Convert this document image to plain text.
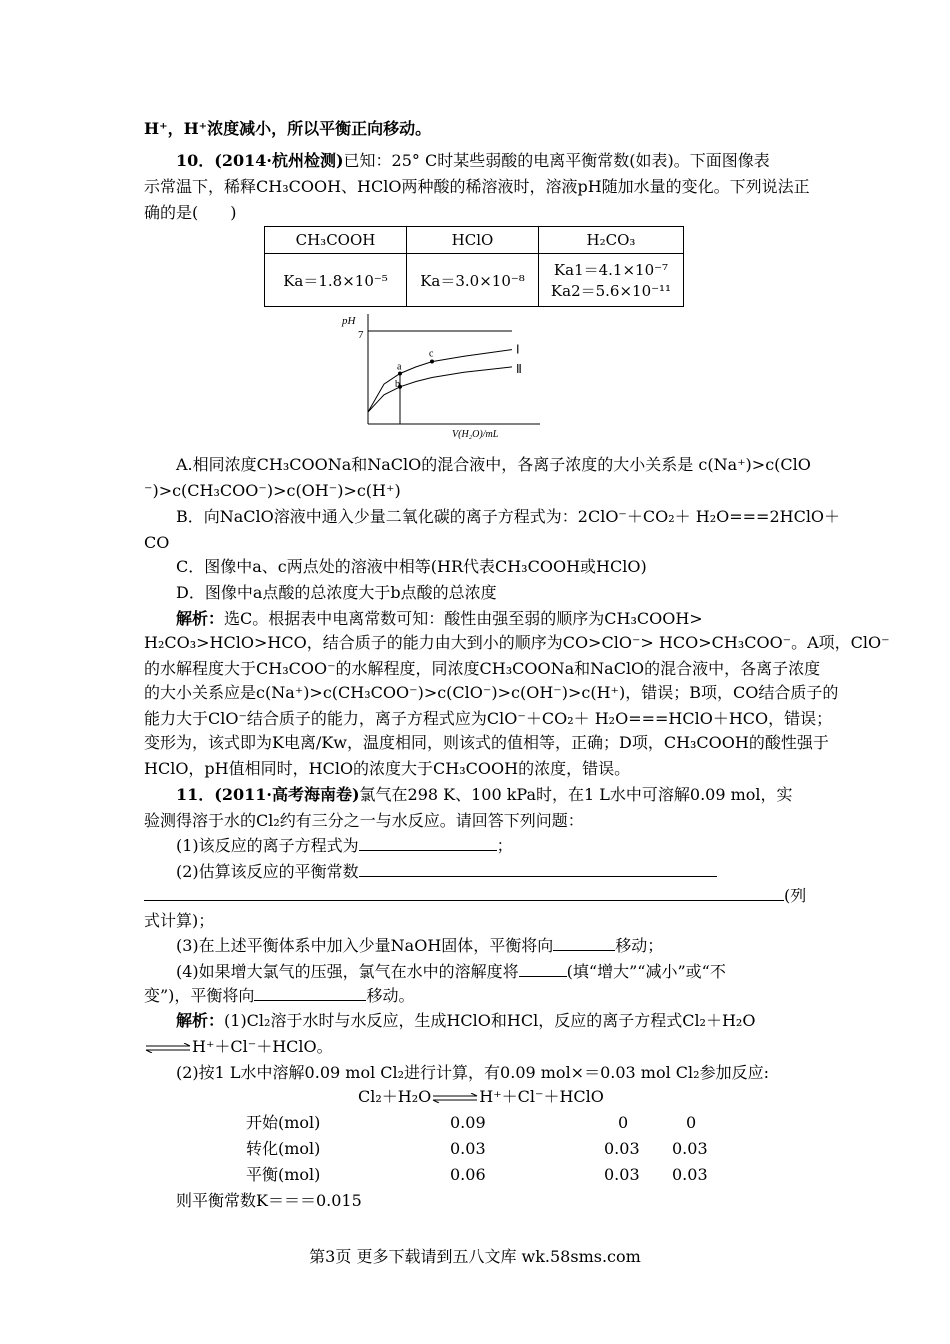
H⁺，H⁺浓度减小，所以平衡正向移动。
10．(2014·杭州检测)已知：25° C时某些弱酸的电离平衡常数(如表)。下面图像表
示常温下，稀释CH₃COOH、HClO两种酸的稀溶液时，溶液pH随加水量的变化。下列说法正
确的是(　　)
CH₃COOH	HClO	H₂CO₃
Ka＝1.8×10⁻⁵	Ka＝3.0×10⁻⁸	Ka1＝4.1×10⁻⁷
Ka2＝5.6×10⁻¹¹
pH
7
a
b
c	Ⅰ
Ⅱ
V(H₂O)/mL
A.相同浓度CH₃COONa和NaClO的混合液中，各离子浓度的大小关系是 c(Na⁺)>c(ClO
⁻)>c(CH₃COO⁻)>c(OH⁻)>c(H⁺)
B．向NaClO溶液中通入少量二氧化碳的离子方程式为：2ClO⁻＋CO₂＋ H₂O===2HClO＋
CO
C．图像中a、c两点处的溶液中相等(HR代表CH₃COOH或HClO)
D．图像中a点酸的总浓度大于b点酸的总浓度
解析：选C。根据表中电离常数可知：酸性由强至弱的顺序为CH₃COOH>
H₂CO₃>HClO>HCO，结合质子的能力由大到小的顺序为CO>ClO⁻> HCO>CH₃COO⁻。A项，ClO⁻
的水解程度大于CH₃COO⁻的水解程度，同浓度CH₃COONa和NaClO的混合液中，各离子浓度
的大小关系应是c(Na⁺)>c(CH₃COO⁻)>c(ClO⁻)>c(OH⁻)>c(H⁺)，错误；B项，CO结合质子的
能力大于ClO⁻结合质子的能力，离子方程式应为ClO⁻＋CO₂＋ H₂O===HClO＋HCO，错误；
变形为，该式即为K电离/Kw，温度相同，则该式的值相等，正确；D项，CH₃COOH的酸性强于
HClO，pH值相同时，HClO的浓度大于CH₃COOH的浓度，错误。
11．(2011·高考海南卷)氯气在298 K、100 kPa时，在1 L水中可溶解0.09 mol，实
验测得溶于水的Cl₂约有三分之一与水反应。请回答下列问题：
(1)该反应的离子方程式为	；
(2)估算该反应的平衡常数
(列
式计算)；
(3)在上述平衡体系中加入少量NaOH固体，平衡将向	移动；
(4)如果增大氯气的压强，氯气在水中的溶解度将	(填“增大”“减小”或“不
变”)，平衡将向	移动。
解析：(1)Cl₂溶于水时与水反应，生成HClO和HCl，反应的离子方程式Cl₂＋H₂O
⇌H⁺＋Cl⁻＋HClO。
(2)按1 L水中溶解0.09 mol Cl₂进行计算，有0.09 mol×＝0.03 mol Cl₂参加反应:
Cl₂＋H₂O⇌H⁺＋Cl⁻＋HClO
开始(mol)	0.09	0	0
转化(mol)	0.03	0.03 0.03
平衡(mol)	0.06	0.03 0.03
则平衡常数K＝＝＝0.015
第3页 更多下载请到五八文库 wk.58sms.com
